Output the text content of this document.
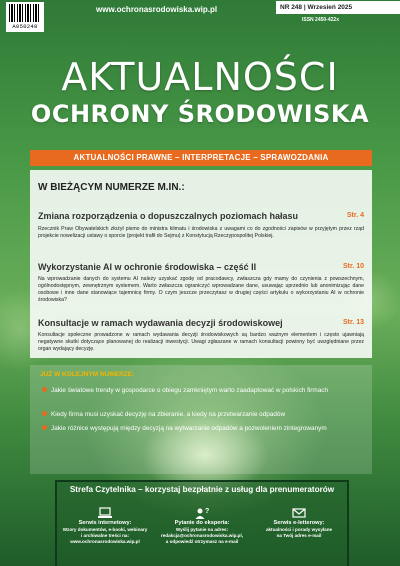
A050248
www.ochronasrodowiska.wip.pl	NR 248 | Wrzesień 2025
ISSN 2450-422x
AKTUALNOŚCI
OCHRONY ŚRODOWISKA
AKTUALNOŚCI PRAWNE – INTERPRETACJE – SPRAWOZDANIA
W BIEŻĄCYM NUMERZE M.IN.:
Zmiana rozporządzenia o dopuszczalnych poziomach hałasu	Str. 4
Rzecznik Praw Obywatelskich złożył pismo do ministra klimatu i środowiska z uwagami co do zgodności zapisów w przyjętym przez rząd projekcie nowelizacji ustawy o sporcie (projekt trafił do Sejmu) z Konstytucją Rzeczypospolitej Polskiej.
Wykorzystanie AI w ochronie środowiska – część II	Str. 10
Na wprowadzanie danych do systemu AI należy uzyskać zgodę od pracodawcy, zwłaszcza gdy mamy do czynienia z powszechnym, ogólnodostępnym, zewnętrznym systemem. Warto zwłaszcza ograniczyć wprowadzane dane, usuwając uprzednio lub anonimizując dane osobowe i inne dane stanowiące tajemnicę firmy. O czym jeszcze przeczytasz w drugiej części artykułu o wykorzystaniu AI w ochronie środowiska?
Konsultacje w ramach wydawania decyzji środowiskowej	Str. 13
Konsultacje społeczne prowadzone w ramach wydawania decyzji środowiskowych są bardzo ważnym elementem i często ujawniają negatywne skutki dotyczące planowanej do realizacji inwestycji. Uwagi zgłaszane w ramach konsultacji powinny być uwzględniane przez organ wydający decyzję.
JUŻ W KOLEJNYM NUMERZE:
Jakie światowe trendy w gospodarce o obiegu zamkniętym warto zaadaptować w polskich firmach
Kiedy firma musi uzyskać decyzję na zbieranie, a kiedy na przetwarzanie odpadów
Jakie różnice występują między decyzją na wytwarzanie odpadów a pozwoleniem zintegrowanym
Strefa Czytelnika – korzystaj bezpłatnie z usług dla prenumeratorów
Serwis internetowy:
Wzory dokumentów, e-booki, webinary
i archiwalne treści na:
www.ochronasrodowiska.wip.pl
?
Pytanie do eksperta:
Wyślij pytanie na adres:
redakcja@ochronasrodowiska.wip.pl,
a odpowiedź otrzymasz na e-mail
Serwis e-letterowy:
aktualności i porady wysyłane
na Twój adres e-mail
